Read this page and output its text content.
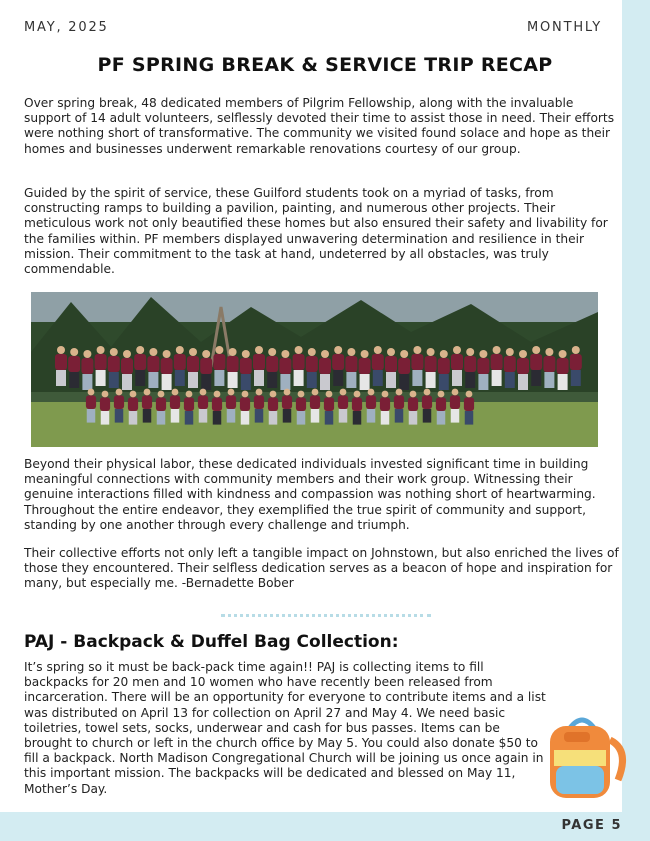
PAGE 5
MAY, 2025	MONTHLY
PF SPRING BREAK & SERVICE TRIP RECAP

Over spring break, 48 dedicated members of Pilgrim Fellowship, along with the invaluable support of 14 adult volunteers, selflessly devoted their time to assist those in need. Their efforts were nothing short of transformative. The community we visited found solace and hope as their homes and businesses underwent remarkable renovations courtesy of our group.

Guided by the spirit of service, these Guilford students took on a myriad of tasks, from constructing ramps to building a pavilion, painting, and numerous other projects. Their meticulous work not only beautified these homes but also ensured their safety and livability for the families within. PF members displayed unwavering determination and resilience in their mission. Their commitment to the task at hand, undeterred by all obstacles, was truly commendable.

Beyond their physical labor, these dedicated individuals invested significant time in building meaningful connections with community members and their work group. Witnessing their genuine interactions filled with kindness and compassion was nothing short of heartwarming. Throughout the entire endeavor, they exemplified the true spirit of community and support, standing by one another through every challenge and triumph.

Their collective efforts not only left a tangible impact on Johnstown, but also enriched the lives of those they encountered. Their selfless dedication serves as a beacon of hope and inspiration for many, but especially me. -Bernadette Bober

PAJ - Backpack & Duffel Bag Collection:

It’s spring so it must be back-pack time again!! PAJ is collecting items to fill backpacks for 20 men and 10 women who have recently been released from incarceration. There will be an opportunity for everyone to contribute items and a list was distributed on April 13 for collection on April 27 and May 4. We need basic toiletries, towel sets, socks, underwear and cash for bus passes. Items can be brought to church or left in the church office by May 5. You could also donate $50 to fill a backpack. North Madison Congregational Church will be joining us once again in this important mission. The backpacks will be dedicated and blessed on May 11, Mother’s Day.
